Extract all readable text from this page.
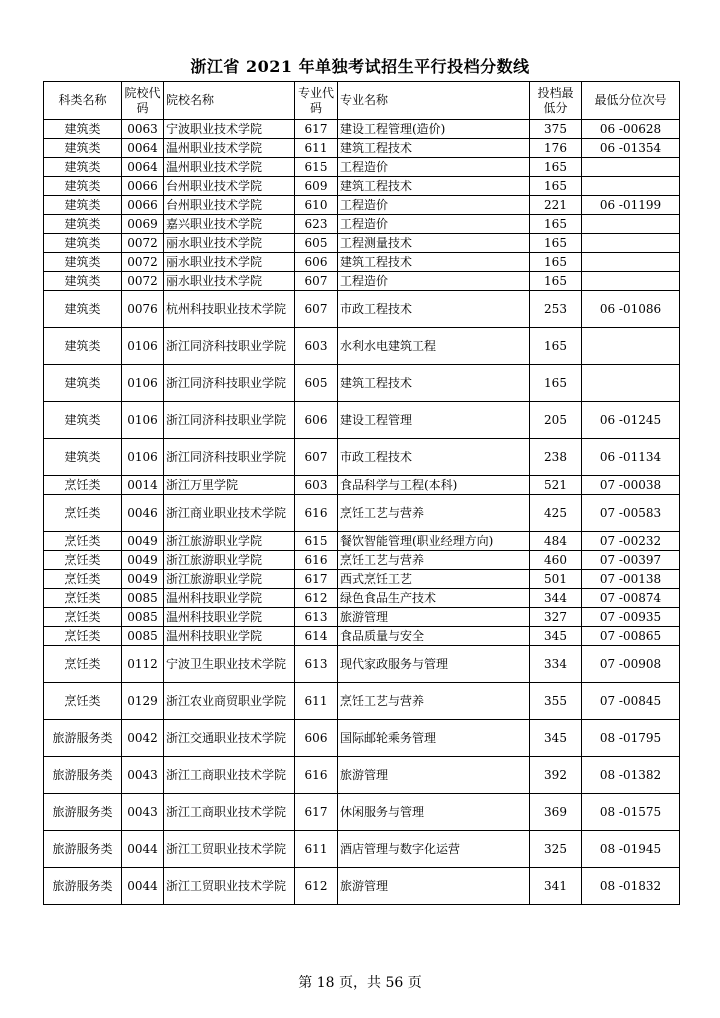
浙江省 2021 年单独考试招生平行投档分数线
科类名称	院校代码	院校名称	专业代码	专业名称	投档最低分	最低分位次号
建筑类	0063	宁波职业技术学院	617	建设工程管理(造价)	375	06 -00628
建筑类	0064	温州职业技术学院	611	建筑工程技术	176	06 -01354
建筑类	0064	温州职业技术学院	615	工程造价	165	
建筑类	0066	台州职业技术学院	609	建筑工程技术	165	
建筑类	0066	台州职业技术学院	610	工程造价	221	06 -01199
建筑类	0069	嘉兴职业技术学院	623	工程造价	165	
建筑类	0072	丽水职业技术学院	605	工程测量技术	165	
建筑类	0072	丽水职业技术学院	606	建筑工程技术	165	
建筑类	0072	丽水职业技术学院	607	工程造价	165	
建筑类	0076	杭州科技职业技术学院	607	市政工程技术	253	06 -01086
建筑类	0106	浙江同济科技职业学院	603	水利水电建筑工程	165	
建筑类	0106	浙江同济科技职业学院	605	建筑工程技术	165	
建筑类	0106	浙江同济科技职业学院	606	建设工程管理	205	06 -01245
建筑类	0106	浙江同济科技职业学院	607	市政工程技术	238	06 -01134
烹饪类	0014	浙江万里学院	603	食品科学与工程(本科)	521	07 -00038
烹饪类	0046	浙江商业职业技术学院	616	烹饪工艺与营养	425	07 -00583
烹饪类	0049	浙江旅游职业学院	615	餐饮智能管理(职业经理方向)	484	07 -00232
烹饪类	0049	浙江旅游职业学院	616	烹饪工艺与营养	460	07 -00397
烹饪类	0049	浙江旅游职业学院	617	西式烹饪工艺	501	07 -00138
烹饪类	0085	温州科技职业学院	612	绿色食品生产技术	344	07 -00874
烹饪类	0085	温州科技职业学院	613	旅游管理	327	07 -00935
烹饪类	0085	温州科技职业学院	614	食品质量与安全	345	07 -00865
烹饪类	0112	宁波卫生职业技术学院	613	现代家政服务与管理	334	07 -00908
烹饪类	0129	浙江农业商贸职业学院	611	烹饪工艺与营养	355	07 -00845
旅游服务类	0042	浙江交通职业技术学院	606	国际邮轮乘务管理	345	08 -01795
旅游服务类	0043	浙江工商职业技术学院	616	旅游管理	392	08 -01382
旅游服务类	0043	浙江工商职业技术学院	617	休闲服务与管理	369	08 -01575
旅游服务类	0044	浙江工贸职业技术学院	611	酒店管理与数字化运营	325	08 -01945
旅游服务类	0044	浙江工贸职业技术学院	612	旅游管理	341	08 -01832
第 18 页，共 56 页
